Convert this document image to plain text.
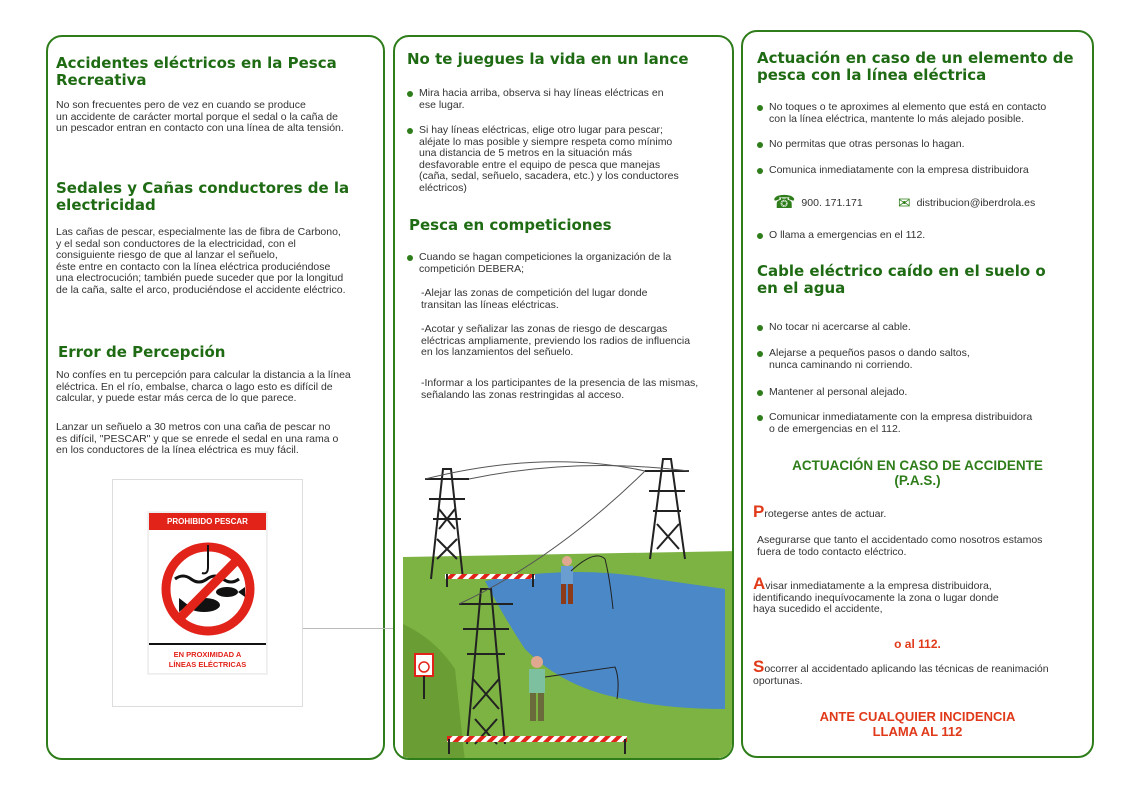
Accidentes eléctricos en la Pesca
Recreativa

No son frecuentes pero de vez en cuando se produce
un accidente de carácter mortal porque el sedal o la caña de
un pescador entran en contacto con una línea de alta tensión.

Sedales y Cañas conductores de la
electricidad

Las cañas de pescar, especialmente las de fibra de Carbono,
y el sedal son conductores de la electricidad, con el
consiguiente riesgo de que al lanzar el señuelo,
éste entre en contacto con la línea eléctrica produciéndose
una electrocución; también puede suceder que por la longitud
de la caña, salte el arco, produciéndose el accidente eléctrico.

Error de Percepción

No confíes en tu percepción para calcular la distancia a la línea
eléctrica. En el río, embalse, charca o lago esto es difícil de
calcular, y puede estar más cerca de lo que parece.

Lanzar un señuelo a 30 metros con una caña de pescar no
es difícil, "PESCAR" y que se enrede el sedal en una rama o
en los conductores de la línea eléctrica es muy fácil.

PROHIBIDO PESCAR
EN PROXIMIDAD A
LÍNEAS ELÉCTRICAS
No te juegues la vida en un lance
Mira hacia arriba, observa si hay líneas eléctricas en
ese lugar.
Si hay líneas eléctricas, elige otro lugar para pescar;
aléjate lo mas posible y siempre respeta como mínimo
una distancia de 5 metros en la situación más
desfavorable entre el equipo de pesca que manejas
(caña, sedal, señuelo, sacadera, etc.) y los conductores
eléctricos)
Pesca en competiciones
Cuando se hagan competiciones la organización de la
competición DEBERA;

-Alejar las zonas de competición del lugar donde
transitan las líneas eléctricas.

-Acotar y señalizar las zonas de riesgo de descargas
eléctricas ampliamente, previendo los radios de influencia
en los lanzamientos del señuelo.

-Informar a los participantes de la presencia de las mismas,
señalando las zonas restringidas al acceso.

Actuación en caso de un elemento de
pesca con la línea eléctrica
No toques o te aproximes al elemento que está en contacto
con la línea eléctrica, mantente lo más alejado posible.
No permitas que otras personas lo hagan.
Comunica inmediatamente con la empresa distribuidora
☎ 900. 171.171 ✉ distribucion@iberdrola.es
O llama a emergencias en el 112.
Cable eléctrico caído en el suelo o
en el agua
No tocar ni acercarse al cable.
Alejarse a pequeños pasos o dando saltos,
nunca caminando ni corriendo.
Mantener al personal alejado.
Comunicar inmediatamente con la empresa distribuidora
o de emergencias en el 112.
ACTUACIÓN EN CASO DE ACCIDENTE
(P.A.S.)
Protegerse antes de actuar.

Asegurarse que tanto el accidentado como nosotros estamos
fuera de todo contacto eléctrico.

Avisar inmediatamente a la empresa distribuidora,
identificando inequívocamente la zona o lugar donde
haya sucedido el accidente,
o al 112.
Socorrer al accidentado aplicando las técnicas de reanimación
oportunas.
ANTE CUALQUIER INCIDENCIA
LLAMA AL 112
